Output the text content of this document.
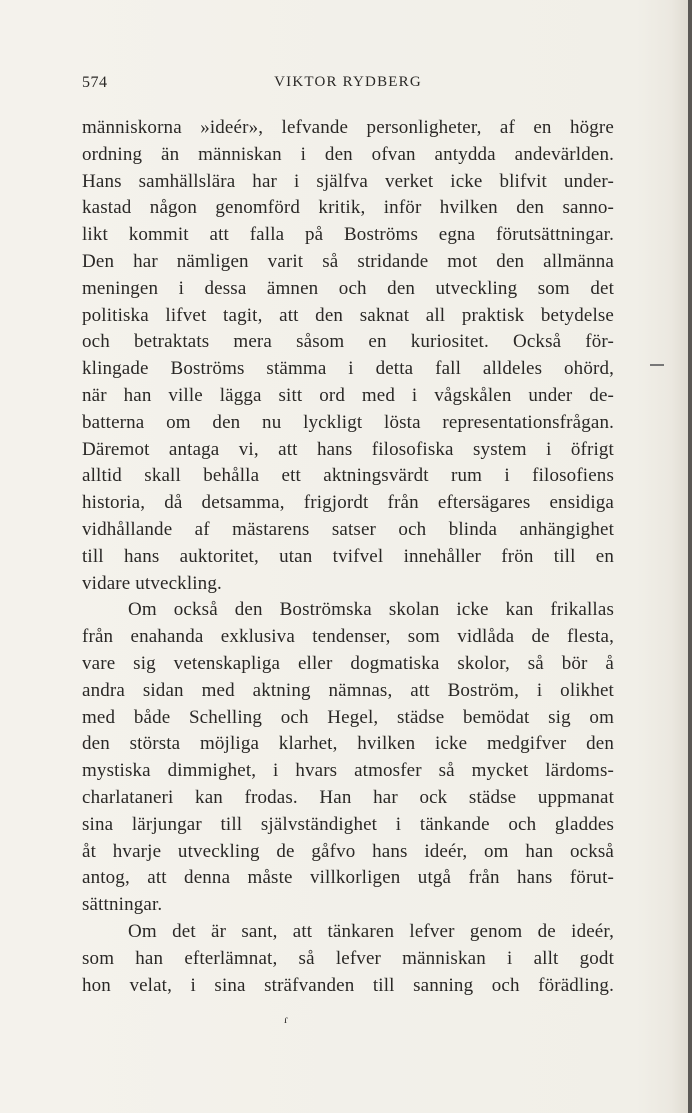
574	VIKTOR RYDBERG
människorna »ideér», lefvande personligheter, af en högre
ordning än människan i den ofvan antydda andevärlden.
Hans samhällslära har i själfva verket icke blifvit under-
kastad någon genomförd kritik, inför hvilken den sanno-
likt kommit att falla på Boströms egna förutsättningar.
Den har nämligen varit så stridande mot den allmänna
meningen i dessa ämnen och den utveckling som det
politiska lifvet tagit, att den saknat all praktisk betydelse
och betraktats mera såsom en kuriositet. Också för-
klingade Boströms stämma i detta fall alldeles ohörd,
när han ville lägga sitt ord med i vågskålen under de-
batterna om den nu lyckligt lösta representationsfrågan.
Däremot antaga vi, att hans filosofiska system i öfrigt
alltid skall behålla ett aktningsvärdt rum i filosofiens
historia, då detsamma, frigjordt från eftersägares ensidiga
vidhållande af mästarens satser och blinda anhängighet
till hans auktoritet, utan tvifvel innehåller frön till en
vidare utveckling.
Om också den Boströmska skolan icke kan frikallas
från enahanda exklusiva tendenser, som vidlåda de flesta,
vare sig vetenskapliga eller dogmatiska skolor, så bör å
andra sidan med aktning nämnas, att Boström, i olikhet
med både Schelling och Hegel, städse bemödat sig om
den största möjliga klarhet, hvilken icke medgifver den
mystiska dimmighet, i hvars atmosfer så mycket lärdoms-
charlataneri kan frodas. Han har ock städse uppmanat
sina lärjungar till självständighet i tänkande och gladdes
åt hvarje utveckling de gåfvo hans ideér, om han också
antog, att denna måste villkorligen utgå från hans förut-
sättningar.
Om det är sant, att tänkaren lefver genom de ideér,
som han efterlämnat, så lefver människan i allt godt
hon velat, i sina sträfvanden till sanning och förädling.
ɾ
